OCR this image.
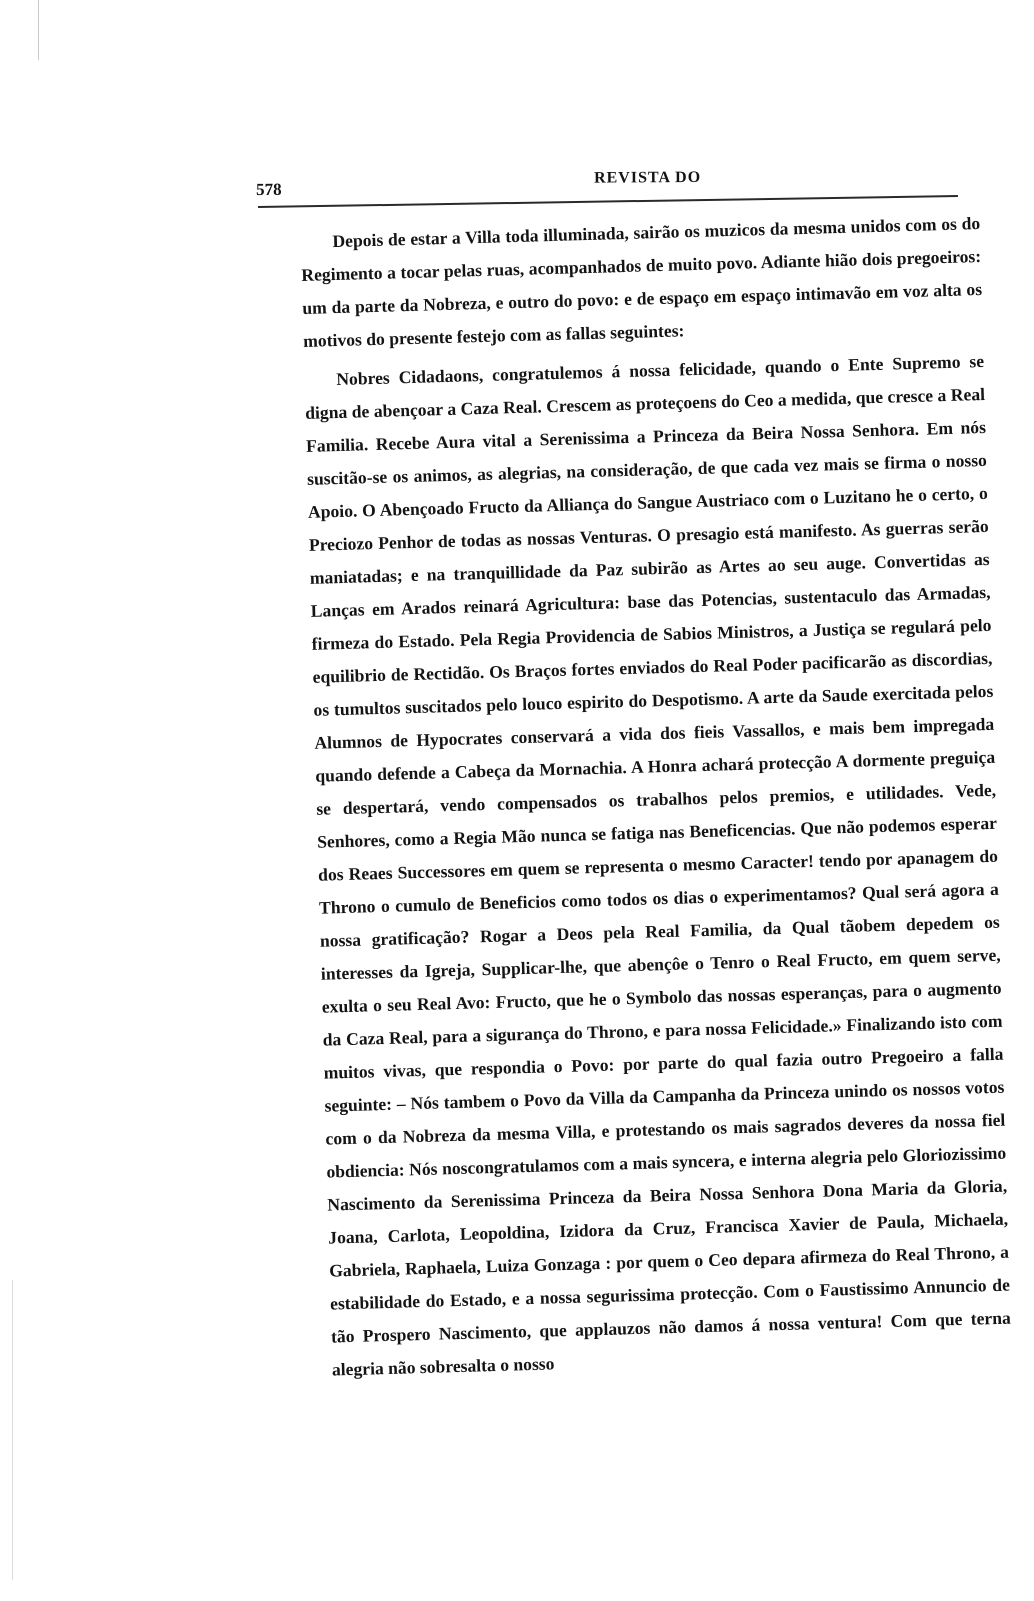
578
REVISTA DO

Depois de estar a Villa toda illuminada, sairão os muzicos da mesma unidos com os do Regimento a tocar pelas ruas, acompanhados de muito povo. Adiante hião dois pregoeiros: um da parte da Nobreza, e outro do povo: e de espaço em espaço intimavão em voz alta os motivos do presente festejo com as fallas seguintes:

Nobres Cidadaons, congratulemos á nossa felicidade, quando o Ente Supremo se digna de abençoar a Caza Real. Crescem as proteçoens do Ceo a medida, que cresce a Real Familia. Recebe Aura vital a Serenissima a Princeza da Beira Nossa Senhora. Em nós suscitão-se os animos, as alegrias, na consideração, de que cada vez mais se firma o nosso Apoio. O Abençoado Fructo da Alliança do Sangue Austriaco com o Luzitano he o certo, o Preciozo Penhor de todas as nossas Venturas. O presagio está manifesto. As guerras serão maniatadas; e na tranquillidade da Paz subirão as Artes ao seu auge. Convertidas as Lanças em Arados reinará Agricultura: base das Potencias, sustentaculo das Armadas, firmeza do Estado. Pela Regia Providencia de Sabios Ministros, a Justiça se regulará pelo equilibrio de Rectidão. Os Braços fortes enviados do Real Poder pacificarão as discordias, os tumultos suscitados pelo louco espirito do Despotismo. A arte da Saude exercitada pelos Alumnos de Hypocrates conservará a vida dos fieis Vassallos, e mais bem impregada quando defende a Cabeça da Mornachia. A Honra achará protecção A dormente preguiça se despertará, vendo compensados os trabalhos pelos premios, e utilidades. Vede, Senhores, como a Regia Mão nunca se fatiga nas Beneficencias. Que não podemos esperar dos Reaes Successores em quem se representa o mesmo Caracter! tendo por apanagem do Throno o cumulo de Beneficios como todos os dias o experimentamos? Qual será agora a nossa gratificação? Rogar a Deos pela Real Familia, da Qual tãobem depedem os interesses da Igreja, Supplicar-lhe, que abençôe o Tenro o Real Fructo, em quem serve, exulta o seu Real Avo: Fructo, que he o Symbolo das nossas esperanças, para o augmento da Caza Real, para a sigurança do Throno, e para nossa Felicidade.» Finalizando isto com muitos vivas, que respondia o Povo: por parte do qual fazia outro Pregoeiro a falla seguinte: – Nós tambem o Povo da Villa da Campanha da Princeza unindo os nossos votos com o da Nobreza da mesma Villa, e protestando os mais sagrados deveres da nossa fiel obdiencia: Nós noscongratulamos com a mais syncera, e interna alegria pelo Gloriozissimo Nascimento da Serenissima Princeza da Beira Nossa Senhora Dona Maria da Gloria, Joana, Carlota, Leopoldina, Izidora da Cruz, Francisca Xavier de Paula, Michaela, Gabriela, Raphaela, Luiza Gonzaga : por quem o Ceo depara afirmeza do Real Throno, a estabilidade do Estado, e a nossa segurissima protecção. Com o Faustissimo Annuncio de tão Prospero Nascimento, que applauzos não damos á nossa ventura! Com que terna alegria não sobresalta o nosso
